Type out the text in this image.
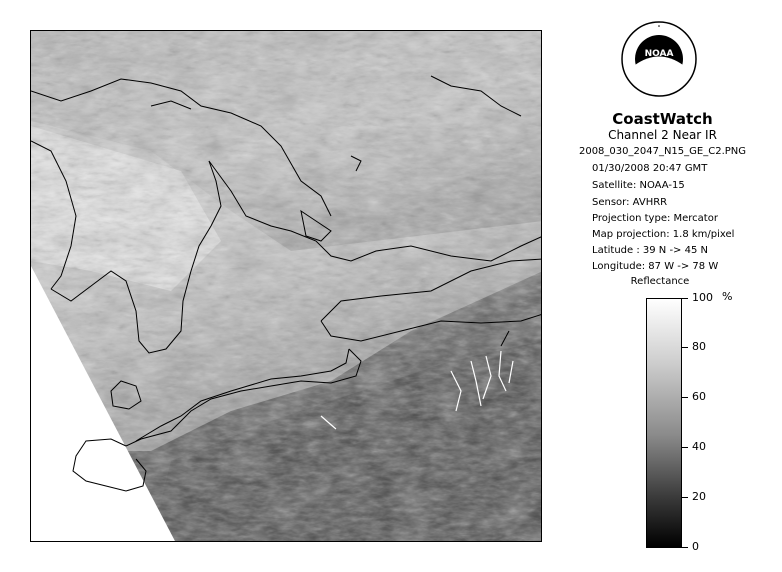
NOAA
CoastWatch
Channel 2 Near IR
2008_030_2047_N15_GE_C2.PNG
01/30/2008 20:47 GMT
Satellite: NOAA-15
Sensor: AVHRR
Projection type: Mercator
Map projection: 1.8 km/pixel
Latitude : 39 N -> 45 N
Longitude: 87 W -> 78 W
Reflectance
%
100
80
60
40
20
0
